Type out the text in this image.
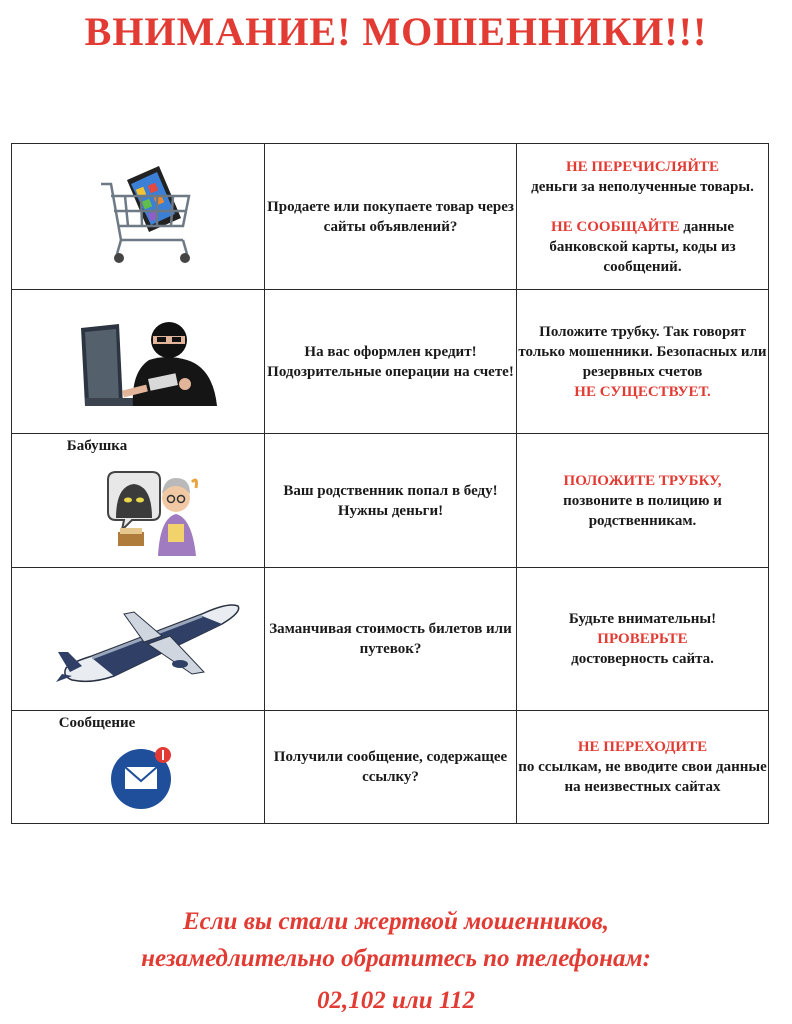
ВНИМАНИЕ! МОШЕННИКИ!!!
	Продаете или покупаете товар через сайты объявлений?	НЕ ПЕРЕЧИСЛЯЙТЕ
деньги за неполученные товары.
НЕ СООБЩАЙТЕ данные банковской карты, коды из сообщений.

	На вас оформлен кредит! Подозрительные операции на счете!	Положите трубку. Так говорят только мошенники. Безопасных или резервных счетов
НЕ СУЩЕСТВУЕТ.

Бабушка	Ваш родственник попал в беду! Нужны деньги!	ПОЛОЖИТЕ ТРУБКУ,
позвоните в полицию и родственникам.

	Заманчивая стоимость билетов или путевок?	Будьте внимательны!
ПРОВЕРЬТЕ
достоверность сайта.

Сообщение	Получили сообщение, содержащее ссылку?	НЕ ПЕРЕХОДИТЕ
по ссылкам, не вводите свои данные на неизвестных сайтах
Если вы стали жертвой мошенников,
незамедлительно обратитесь по телефонам:
02,102 или 112
